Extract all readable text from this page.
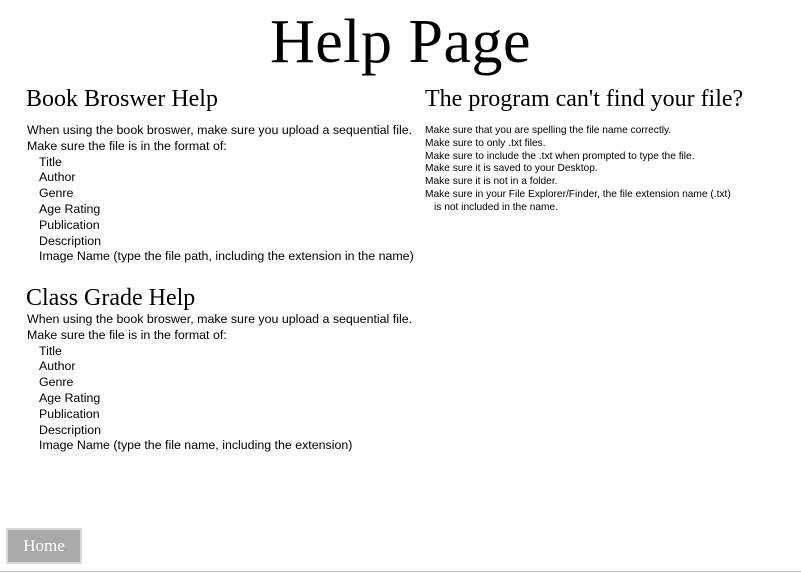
Help Page
Book Broswer Help
When using the book broswer, make sure you upload a sequential file.
Make sure the file is in the format of:
Title
Author
Genre
Age Rating
Publication
Description
Image Name (type the file path, including the extension in the name)
Class Grade Help
When using the book broswer, make sure you upload a sequential file.
Make sure the file is in the format of:
Title
Author
Genre
Age Rating
Publication
Description
Image Name (type the file name, including the extension)
The program can't find your file?
Make sure that you are spelling the file name correctly.
Make sure to only .txt files.
Make sure to include the .txt when prompted to type the file.
Make sure it is saved to your Desktop.
Make sure it is not in a folder.
Make sure in your File Explorer/Finder, the file extension name (.txt)
is not included in the name.
Home
